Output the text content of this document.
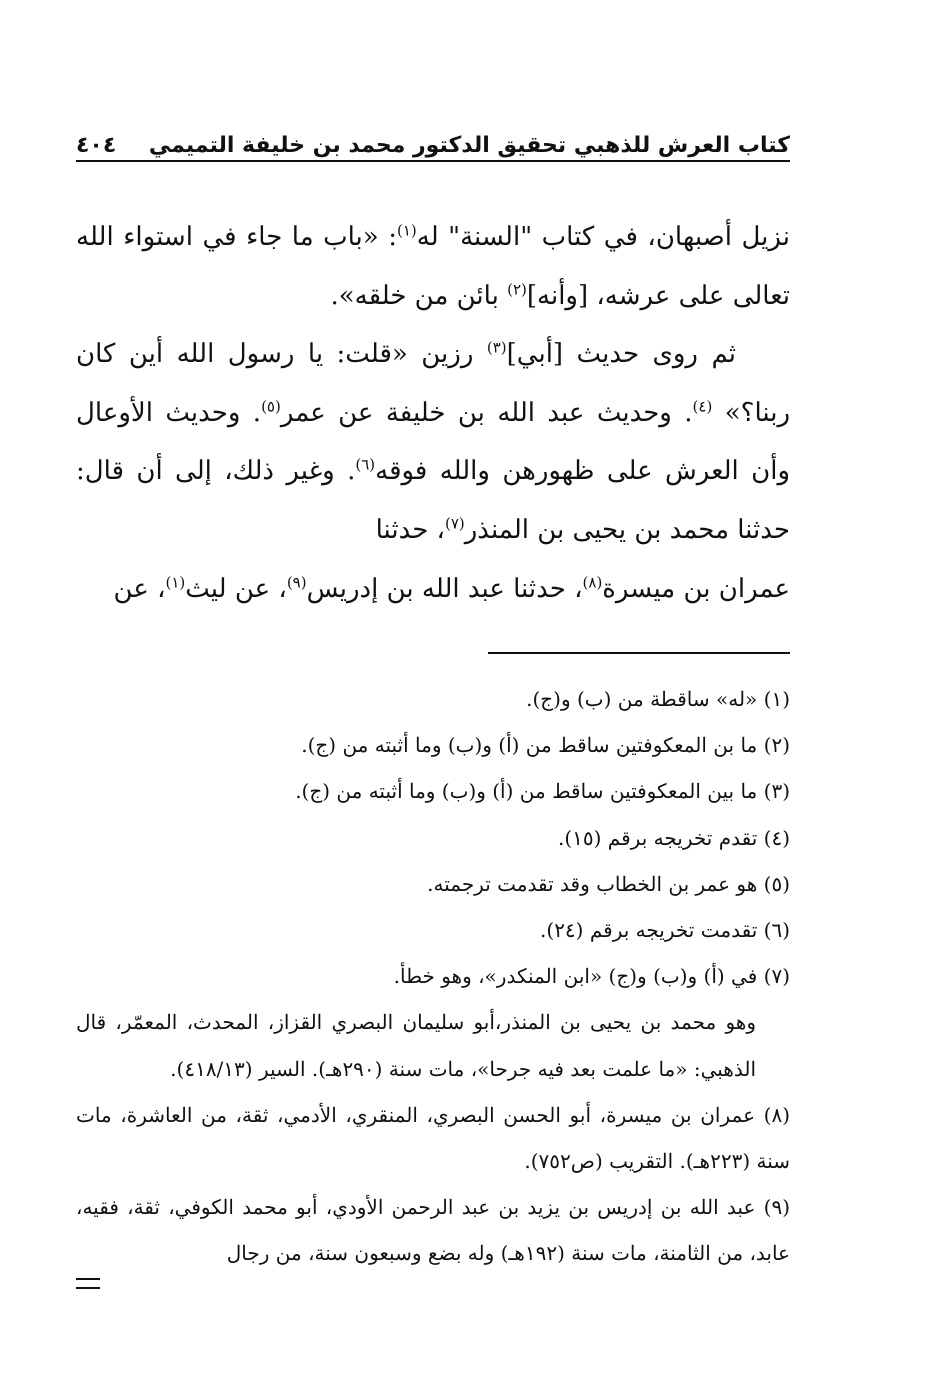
كتاب العرش للذهبي تحقيق الدكتور محمد بن خليفة التميمي
٤٠٤

نزيل أصبهان، في كتاب "السنة" له$^{(١)}$: «باب ما جاء في استواء الله تعالى على عرشه، [وأنه]$^{(٢)}$ بائن من خلقه».

ثم روى حديث [أبي]$^{(٣)}$ رزين «قلت: يا رسول الله أين كان ربنا؟» $^{(٤)}$. وحديث عبد الله بن خليفة عن عمر$^{(٥)}$. وحديث الأوعال وأن العرش على ظهورهن والله فوقه$^{(٦)}$. وغير ذلك، إلى أن قال: حدثنا محمد بن يحيى بن المنذر$^{(٧)}$، حدثنا

عمران بن ميسرة$^{(٨)}$، حدثنا عبد الله بن إدريس$^{(٩)}$، عن ليث$^{(١)}$، عن

(١) «له» ساقطة من (ب) و(ج).

(٢) ما بن المعكوفتين ساقط من (أ) و(ب) وما أثبته من (ج).

(٣) ما بين المعكوفتين ساقط من (أ) و(ب) وما أثبته من (ج).

(٤) تقدم تخريجه برقم (١٥).

(٥) هو عمر بن الخطاب وقد تقدمت ترجمته.

(٦) تقدمت تخريجه برقم (٢٤).

(٧) في (أ) و(ب) و(ج) «ابن المنكدر»، وهو خطأ.

وهو محمد بن يحيى بن المنذر،أبو سليمان البصري القزاز، المحدث، المعمّر، قال الذهبي: «ما علمت بعد فيه جرحا»، مات سنة (٢٩٠هـ). السير (٤١٨/١٣).

(٨) عمران بن ميسرة، أبو الحسن البصري، المنقري، الأدمي، ثقة، من العاشرة، مات سنة (٢٢٣هـ). التقريب (ص٧٥٢).

(٩) عبد الله بن إدريس بن يزيد بن عبد الرحمن الأودي، أبو محمد الكوفي، ثقة، فقيه، عابد، من الثامنة، مات سنة (١٩٢هـ) وله بضع وسبعون سنة، من رجال
